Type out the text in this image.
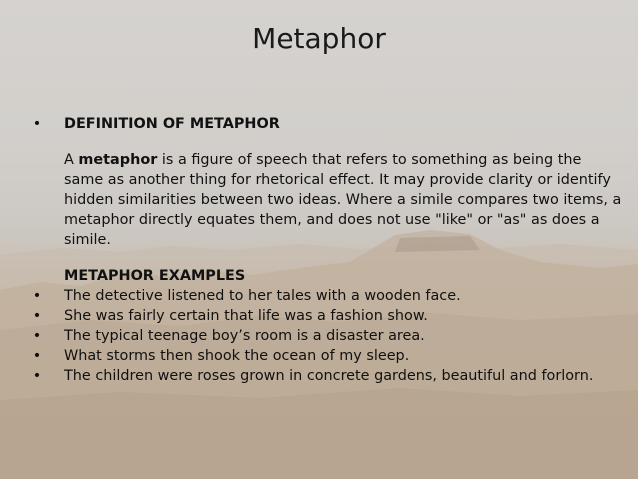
Metaphor
• DEFINITION OF METAPHOR
A metaphor is a figure of speech that refers to something as being the same as another thing for rhetorical effect. It may provide clarity or identify hidden similarities between two ideas. Where a simile compares two items, a metaphor directly equates them, and does not use "like" or "as" as does a simile.
METAPHOR EXAMPLES
• The detective listened to her tales with a wooden face.
• She was fairly certain that life was a fashion show.
• The typical teenage boy’s room is a disaster area.
• What storms then shook the ocean of my sleep.
• The children were roses grown in concrete gardens, beautiful and forlorn.
